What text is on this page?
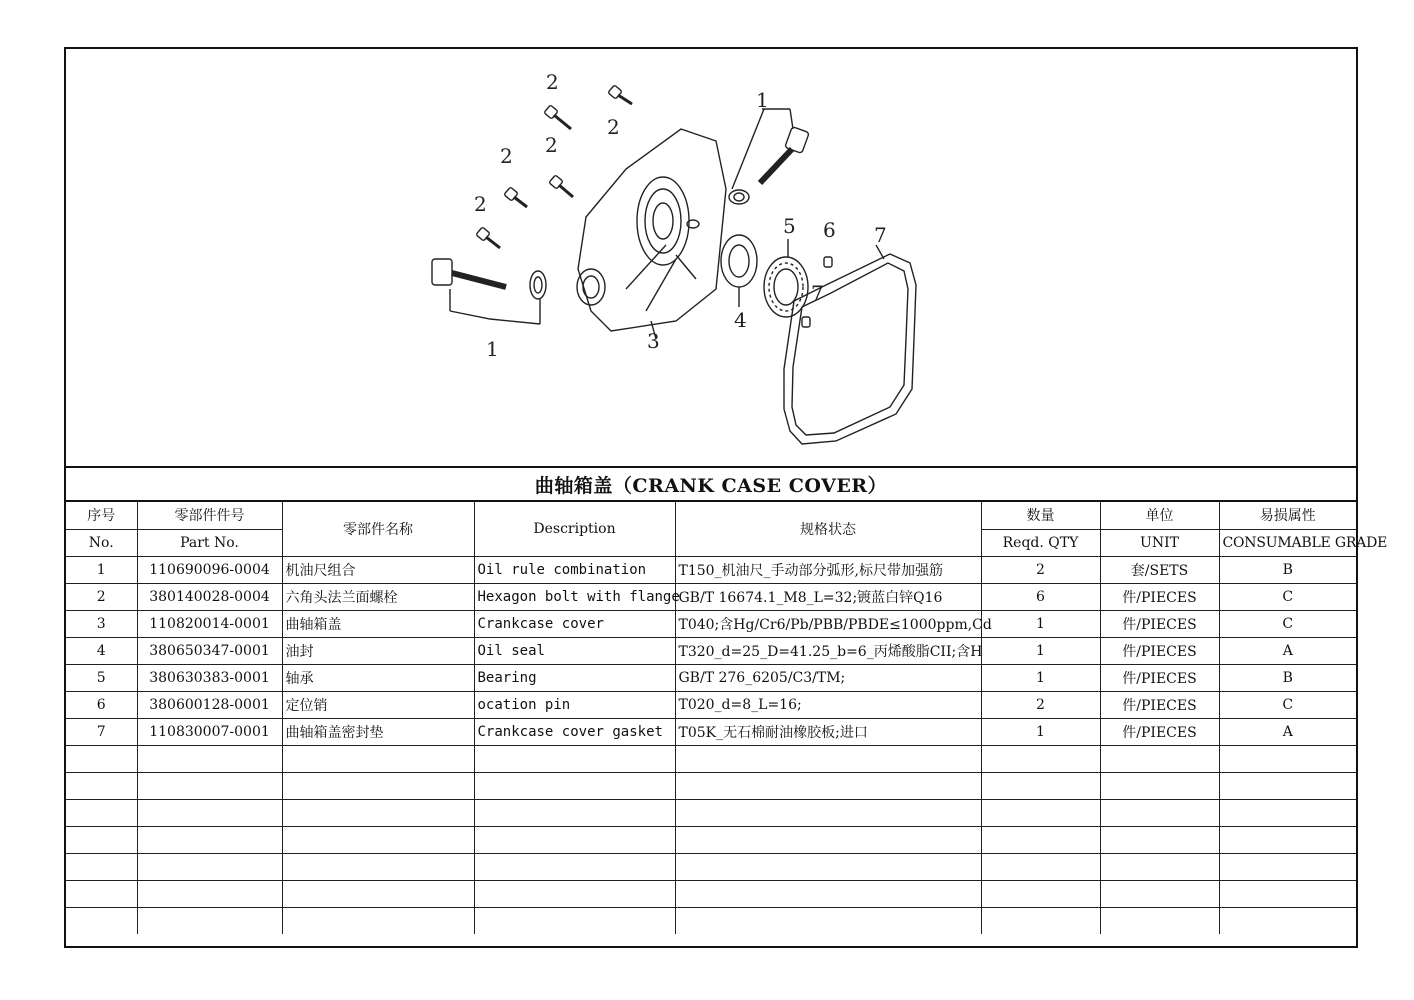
2
2
2 2
2
1
1
3
4
5 6 7
7
曲轴箱盖（CRANK CASE COVER）
序号	零部件件号	零部件名称	Description	规格状态	数量	单位	易损属性
No.	Part No.				Reqd. QTY	UNIT	CONSUMABLE GRADE
1	110690096-0004	机油尺组合	Oil rule combination	T150_机油尺_手动部分弧形,标尺带加强筋	2	套/SETS	B
2	380140028-0004	六角头法兰面螺栓	Hexagon bolt with flange	GB/T 16674.1_M8_L=32;镀蓝白锌Q16	6	件/PIECES	C
3	110820014-0001	曲轴箱盖	Crankcase cover	T040;含Hg/Cr6/Pb/PBB/PBDE≤1000ppm,Cd	1	件/PIECES	C
4	380650347-0001	油封	Oil seal	T320_d=25_D=41.25_b=6_丙烯酸脂CII;含H	1	件/PIECES	A
5	380630383-0001	轴承	Bearing	GB/T 276_6205/C3/TM;	1	件/PIECES	B
6	380600128-0001	定位销	ocation pin	T020_d=8_L=16;	2	件/PIECES	C
7	110830007-0001	曲轴箱盖密封垫	Crankcase cover gasket	T05K_无石棉耐油橡胶板;进口	1	件/PIECES	A
